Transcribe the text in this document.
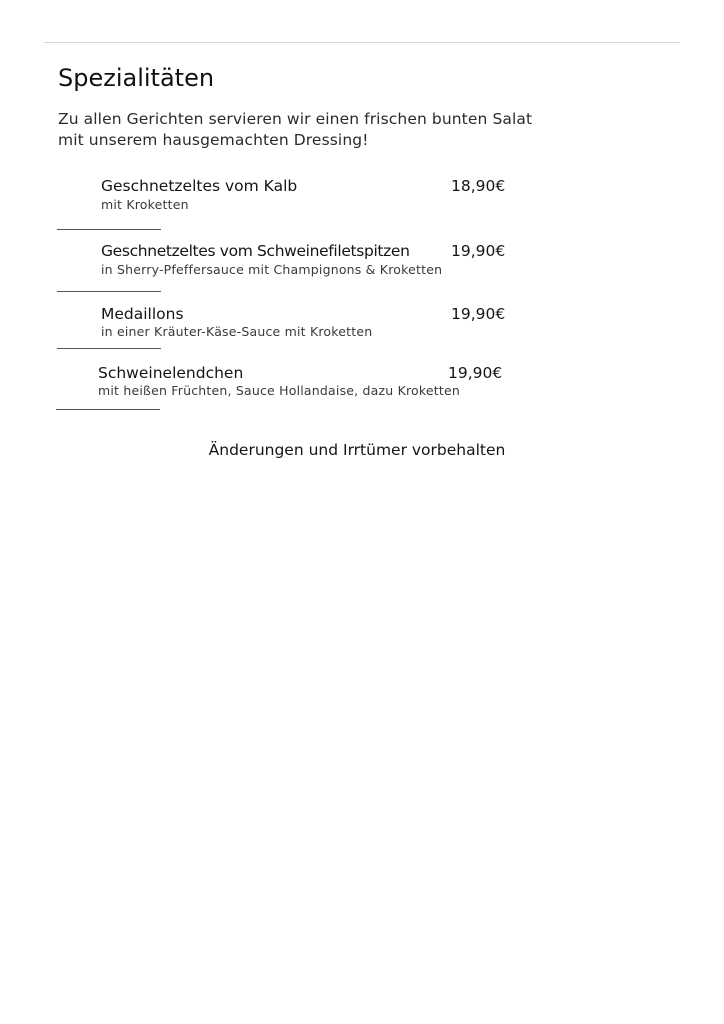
Spezialitäten

Zu allen Gerichten servieren wir einen frischen bunten Salat
mit unserem hausgemachten Dressing!

Geschnetzeltes vom Kalb	18,90€
mit Kroketten
Geschnetzeltes vom Schweinefiletspitzen	19,90€
in Sherry-Pfeffersauce mit Champignons & Kroketten
Medaillons	19,90€
in einer Kräuter-Käse-Sauce mit Kroketten
Schweinelendchen	19,90€
mit heißen Früchten, Sauce Hollandaise, dazu Kroketten
Änderungen und Irrtümer vorbehalten
